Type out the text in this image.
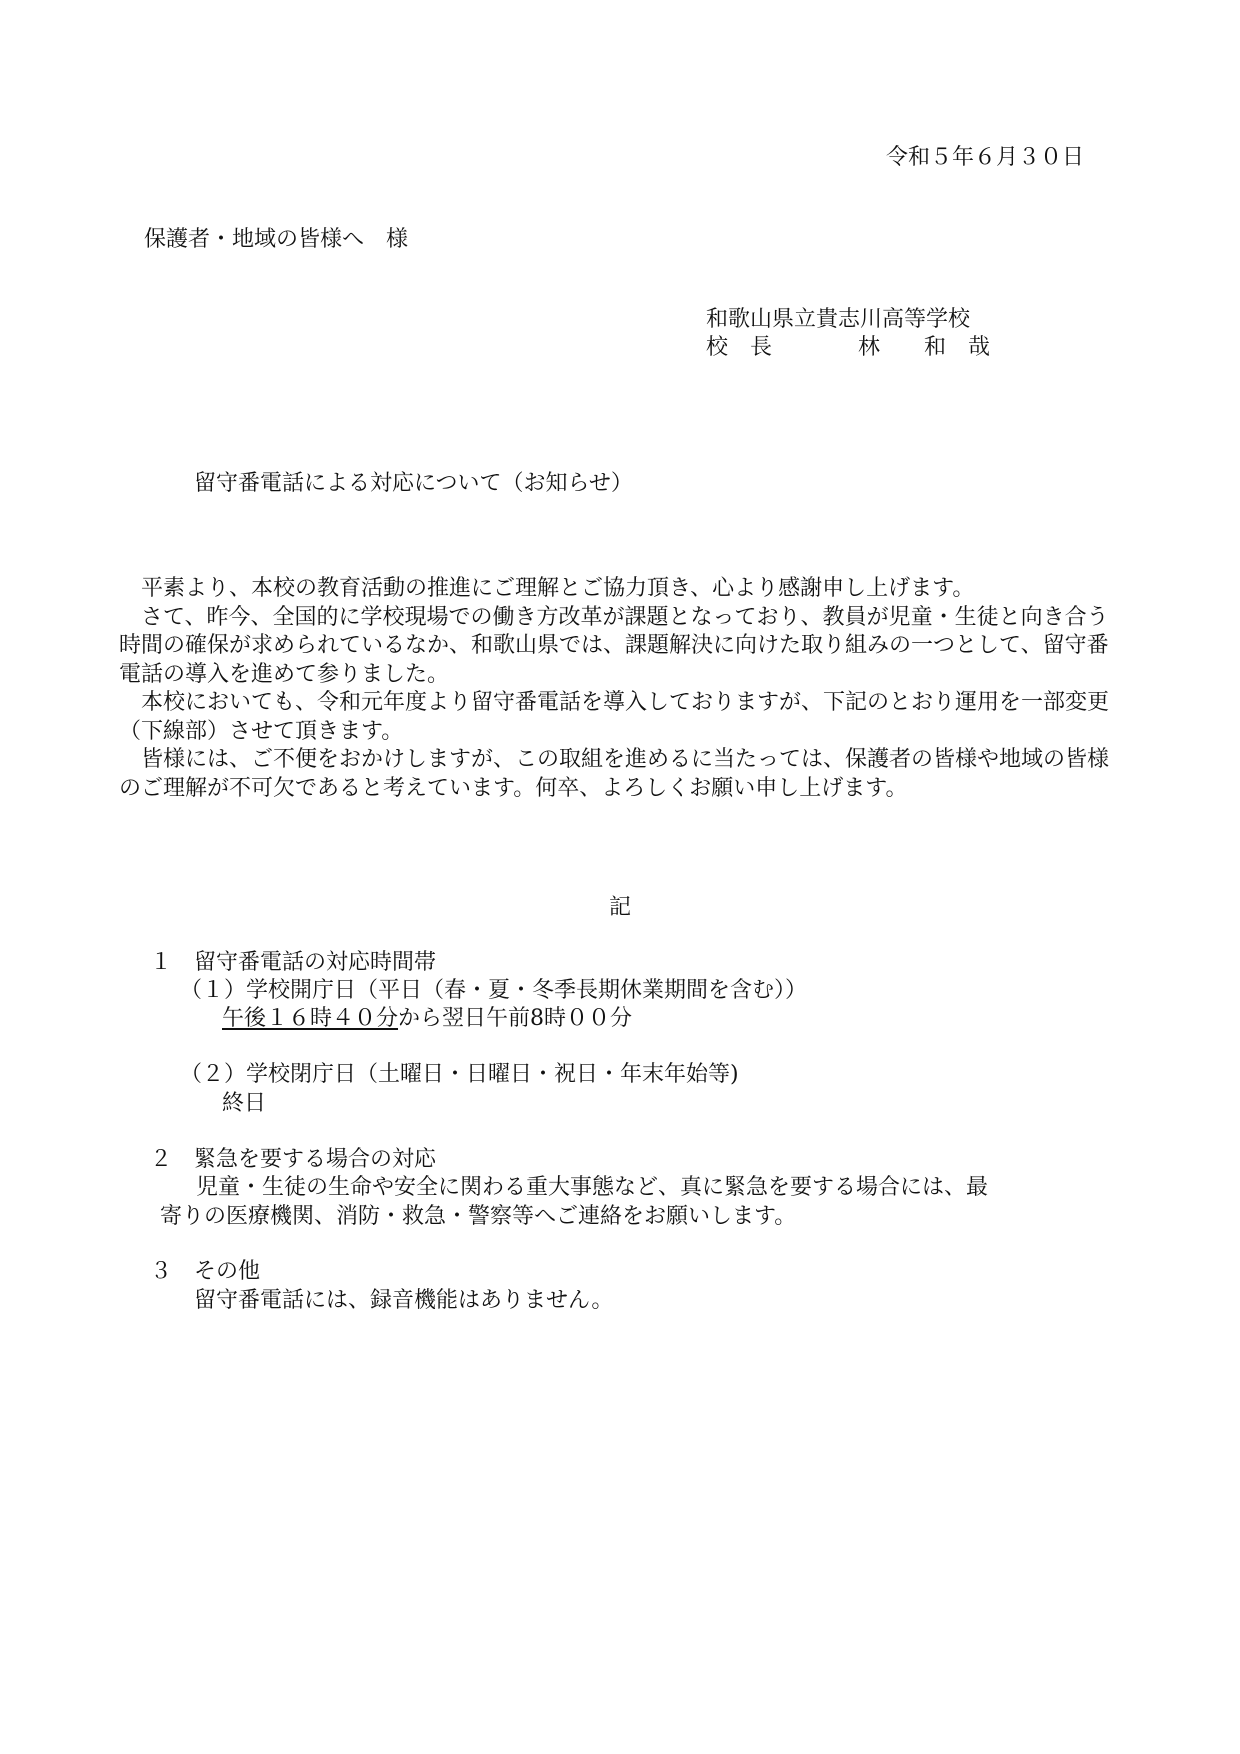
令和５年６月３０日
保護者・地域の皆様へ　様
和歌山県立貴志川高等学校
校　長	林　　和　哉
留守番電話による対応について（お知らせ）

　平素より、本校の教育活動の推進にご理解とご協力頂き、心より感謝申し上げます。

　さて、昨今、全国的に学校現場での働き方改革が課題となっており、教員が児童・生徒と向き合う時間の確保が求められているなか、和歌山県では、課題解決に向けた取り組みの一つとして、留守番電話の導入を進めて参りました。

　本校においても、令和元年度より留守番電話を導入しておりますが、下記のとおり運用を一部変更（下線部）させて頂きます。

　皆様には、ご不便をおかけしますが、この取組を進めるに当たっては、保護者の皆様や地域の皆様のご理解が不可欠であると考えています。何卒、よろしくお願い申し上げます。

記
１　留守番電話の対応時間帯
（１）学校開庁日（平日（春・夏・冬季長期休業期間を含む））
午後１６時４０分から翌日午前8時００分
（２）学校閉庁日（土曜日・日曜日・祝日・年末年始等)
終日
２　緊急を要する場合の対応

児童・生徒の生命や安全に関わる重大事態など、真に緊急を要する場合には、最

寄りの医療機関、消防・救急・警察等へご連絡をお願いします。

３　その他
留守番電話には、録音機能はありません。
